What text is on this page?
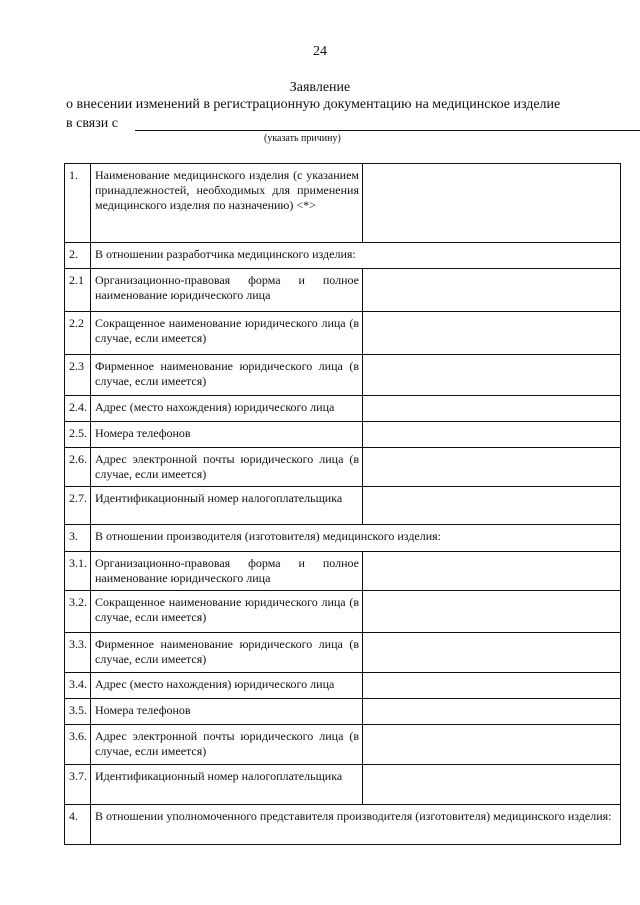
24
Заявление
о внесении изменений в регистрационную документацию на медицинское изделие
в связи с
(указать причину)
1.	Наименование медицинского изделия (с указанием принадлежностей, необходимых для применения медицинского изделия по назначению) <*>	
2.	В отношении разработчика медицинского изделия:	
2.1	Организационно-правовая форма и полное наименование юридического лица	
2.2	Сокращенное наименование юридического лица (в случае, если имеется)	
2.3	Фирменное наименование юридического лица (в случае, если имеется)	
2.4.	Адрес (место нахождения) юридического лица	
2.5.	Номера телефонов	
2.6.	Адрес электронной почты юридического лица (в случае, если имеется)	
2.7.	Идентификационный номер налогоплательщика	
3.	В отношении производителя (изготовителя) медицинского изделия:	
3.1.	Организационно-правовая форма и полное наименование юридического лица	
3.2.	Сокращенное наименование юридического лица (в случае, если имеется)	
3.3.	Фирменное наименование юридического лица (в случае, если имеется)	
3.4.	Адрес (место нахождения) юридического лица	
3.5.	Номера телефонов	
3.6.	Адрес электронной почты юридического лица (в случае, если имеется)	
3.7.	Идентификационный номер налогоплательщика	
4.	В отношении уполномоченного представителя производителя (изготовителя) медицинского изделия:	
